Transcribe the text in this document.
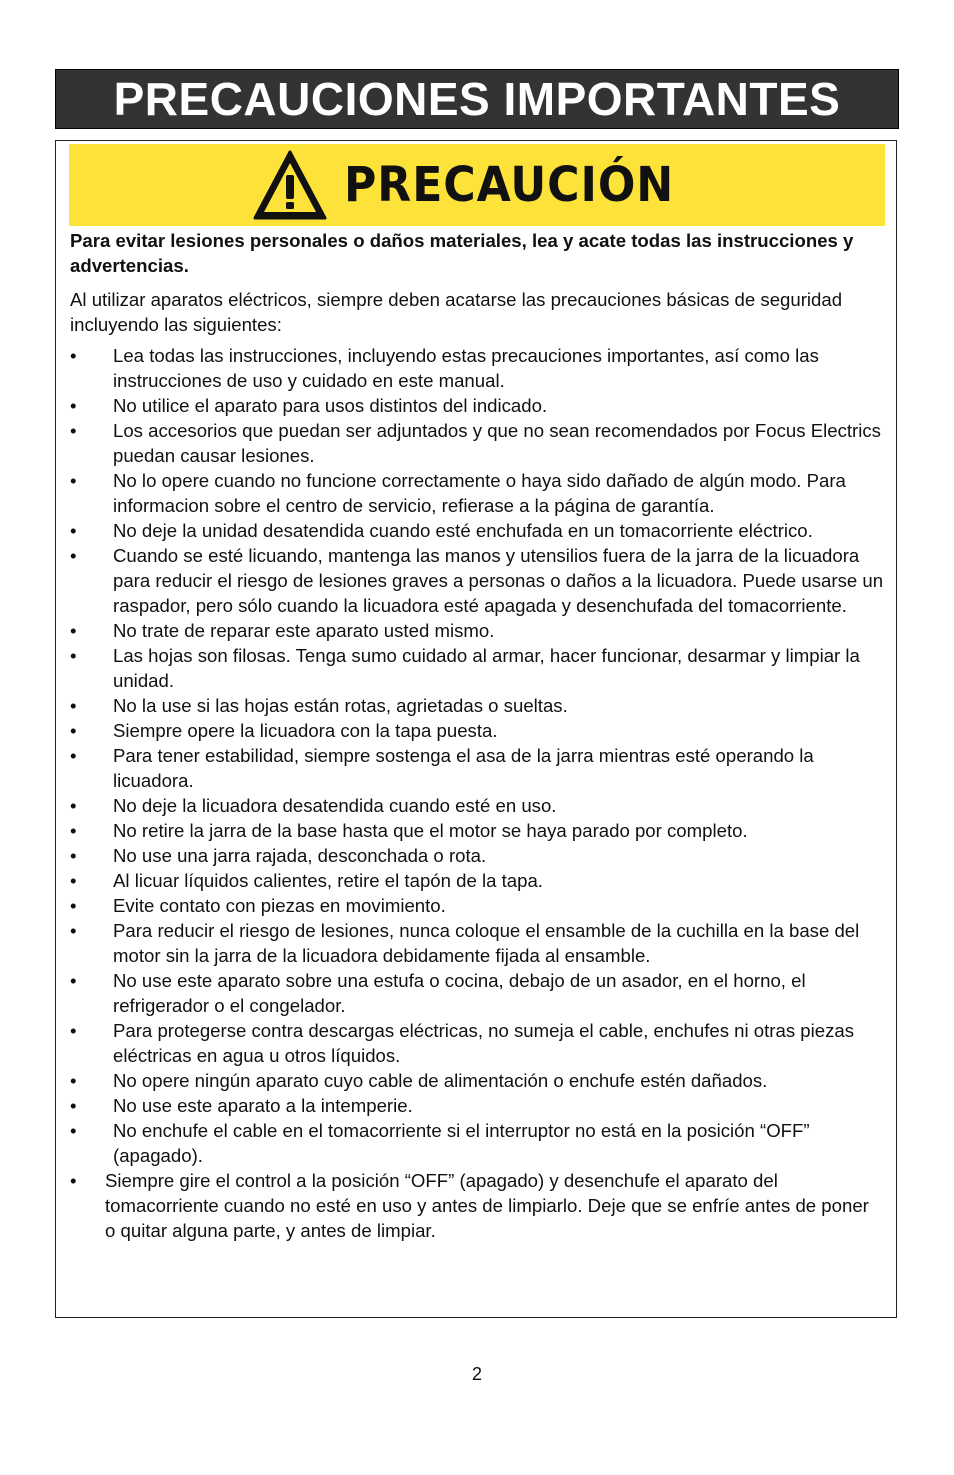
PRECAUCIONES IMPORTANTES
PRECAUCIÓN

Para evitar lesiones personales o daños materiales, lea y acate todas las instrucciones y advertencias.

Al utilizar aparatos eléctricos, siempre deben acatarse las precauciones básicas de seguridad incluyendo las siguientes:

•	Lea todas las instrucciones, incluyendo estas precauciones importantes, así como las instrucciones de uso y cuidado en este manual.
•	No utilice el aparato para usos distintos del indicado.
•	Los accesorios que puedan ser adjuntados y que no sean recomendados por Focus Electrics puedan causar lesiones.
•	No lo opere cuando no funcione correctamente o haya sido dañado de algún modo. Para informacion sobre el centro de servicio, refierase a la página de garantía.
•	No deje la unidad desatendida cuando esté enchufada en un tomacorriente eléctrico.
•	Cuando se esté licuando, mantenga las manos y utensilios fuera de la jarra de la licuadora para reducir el riesgo de lesiones graves a personas o daños a la licuadora. Puede usarse un raspador, pero sólo cuando la licuadora esté apagada y desenchufada del tomacorriente.
•	No trate de reparar este aparato usted mismo.
•	Las hojas son filosas. Tenga sumo cuidado al armar, hacer funcionar, desarmar y limpiar la unidad.
•	No la use si las hojas están rotas, agrietadas o sueltas.
•	Siempre opere la licuadora con la tapa puesta.
•	Para tener estabilidad, siempre sostenga el asa de la jarra mientras esté operando la licuadora.
•	No deje la licuadora desatendida cuando esté en uso.
•	No retire la jarra de la base hasta que el motor se haya parado por completo.
•	No use una jarra rajada, desconchada o rota.
•	Al licuar líquidos calientes, retire el tapón de la tapa.
•	Evite contato con piezas en movimiento.
•	Para reducir el riesgo de lesiones, nunca coloque el ensamble de la cuchilla en la base del motor sin la jarra de la licuadora debidamente fijada al ensamble.
•	No use este aparato sobre una estufa o cocina, debajo de un asador, en el horno, el refrigerador o el congelador.
•	Para protegerse contra descargas eléctricas, no sumeja el cable, enchufes ni otras piezas eléctricas en agua u otros líquidos.
•	No opere ningún aparato cuyo cable de alimentación o enchufe estén dañados.
•	No use este aparato a la intemperie.
•	No enchufe el cable en el tomacorriente si el interruptor no está en la posición “OFF” (apagado).
•	Siempre gire el control a la posición “OFF” (apagado) y desenchufe el aparato del tomacorriente cuando no esté en uso y antes de limpiarlo. Deje que se enfríe antes de poner o quitar alguna parte, y antes de limpiar.
2
